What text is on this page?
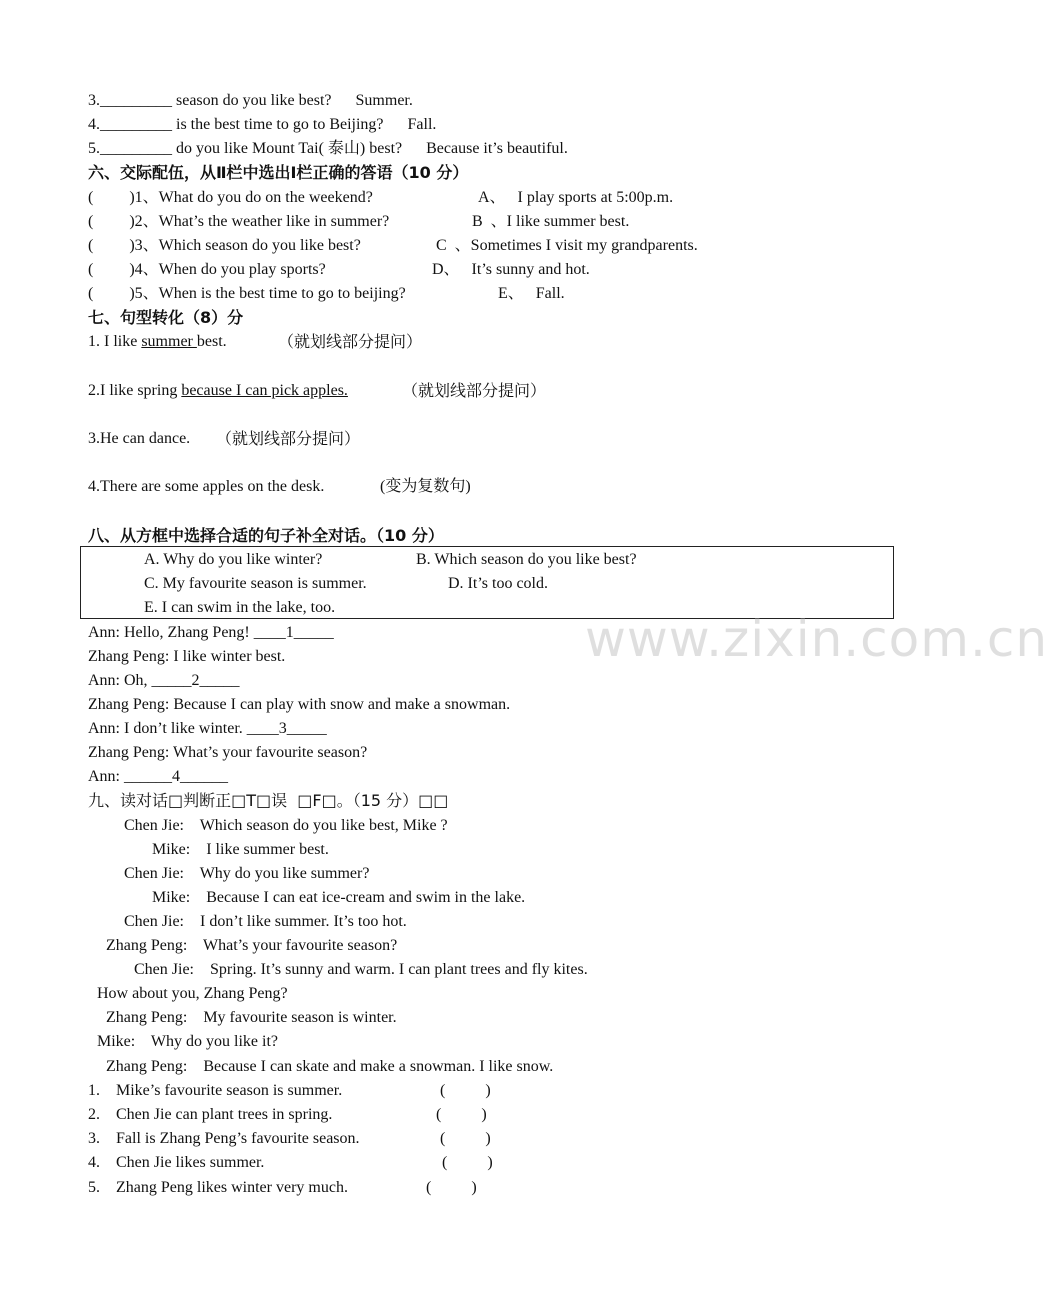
3._________ season do you like best?      Summer.
4._________ is the best time to go to Beijing?      Fall.
5._________ do you like Mount Tai( 泰山) best?      Because it’s beautiful.
六、交际配伍，从Ⅱ栏中选出Ⅰ栏正确的答语（10 分）
(         )1、What do you do on the weekend?	A、   I play sports at 5:00p.m.
(         )2、What’s the weather like in summer?	B  、I like summer best.
(         )3、Which season do you like best?	C  、Sometimes I visit my grandparents.
(         )4、When do you play sports?	D、   It’s sunny and hot.
(         )5、When is the best time to go to beijing?	E、   Fall.
七、句型转化（8）分
1. I like summer best.	（就划线部分提问）
2.I like spring because I can pick apples.	（就划线部分提问）
3.He can dance. （就划线部分提问）
4.There are some apples on the desk.	(变为复数句)
八、从方框中选择合适的句子补全对话。（10 分）
A. Why do you like winter?	B. Which season do you like best?
C. My favourite season is summer.	D. It’s too cold.
E. I can swim in the lake, too.
www.zixin.com.cn
Ann: Hello, Zhang Peng! ____1_____
Zhang Peng: I like winter best.
Ann: Oh, _____2_____
Zhang Peng: Because I can play with snow and make a snowman.
Ann: I don’t like winter. ____3_____
Zhang Peng: What’s your favourite season?
Ann: ______4______
九、读对话□判断正□T□误  □F□。（15 分）□□
Chen Jie:    Which season do you like best, Mike ?
Mike:    I like summer best.
Chen Jie:    Why do you like summer?
Mike:    Because I can eat ice-cream and swim in the lake.
Chen Jie:    I don’t like summer. It’s too hot.
Zhang Peng:    What’s your favourite season?
Chen Jie:    Spring. It’s sunny and warm. I can plant trees and fly kites.
How about you, Zhang Peng?
Zhang Peng:    My favourite season is winter.
Mike:    Why do you like it?
Zhang Peng:    Because I can skate and make a snowman. I like snow.
1.    Mike’s favourite season is summer.	(          )
2.    Chen Jie can plant trees in spring.	(          )
3.    Fall is Zhang Peng’s favourite season.	(          )
4.    Chen Jie likes summer.	(          )
5.    Zhang Peng likes winter very much.	(          )
